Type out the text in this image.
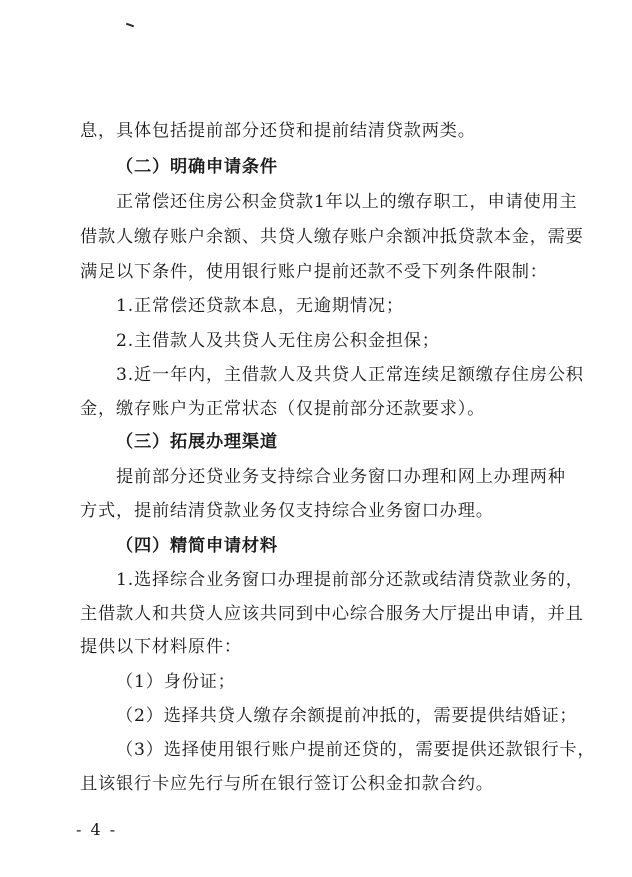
息，具体包括提前部分还贷和提前结清贷款两类。
（二）明确申请条件
正常偿还住房公积金贷款1年以上的缴存职工，申请使用主
借款人缴存账户余额、共贷人缴存账户余额冲抵贷款本金，需要
满足以下条件，使用银行账户提前还款不受下列条件限制：
1.正常偿还贷款本息，无逾期情况；
2.主借款人及共贷人无住房公积金担保；
3.近一年内，主借款人及共贷人正常连续足额缴存住房公积
金，缴存账户为正常状态（仅提前部分还款要求）。
（三）拓展办理渠道
提前部分还贷业务支持综合业务窗口办理和网上办理两种
方式，提前结清贷款业务仅支持综合业务窗口办理。
（四）精简申请材料
1.选择综合业务窗口办理提前部分还款或结清贷款业务的，
主借款人和共贷人应该共同到中心综合服务大厅提出申请，并且
提供以下材料原件：
（1）身份证；
（2）选择共贷人缴存余额提前冲抵的，需要提供结婚证；
（3）选择使用银行账户提前还贷的，需要提供还款银行卡，
且该银行卡应先行与所在银行签订公积金扣款合约。
- 4 -
